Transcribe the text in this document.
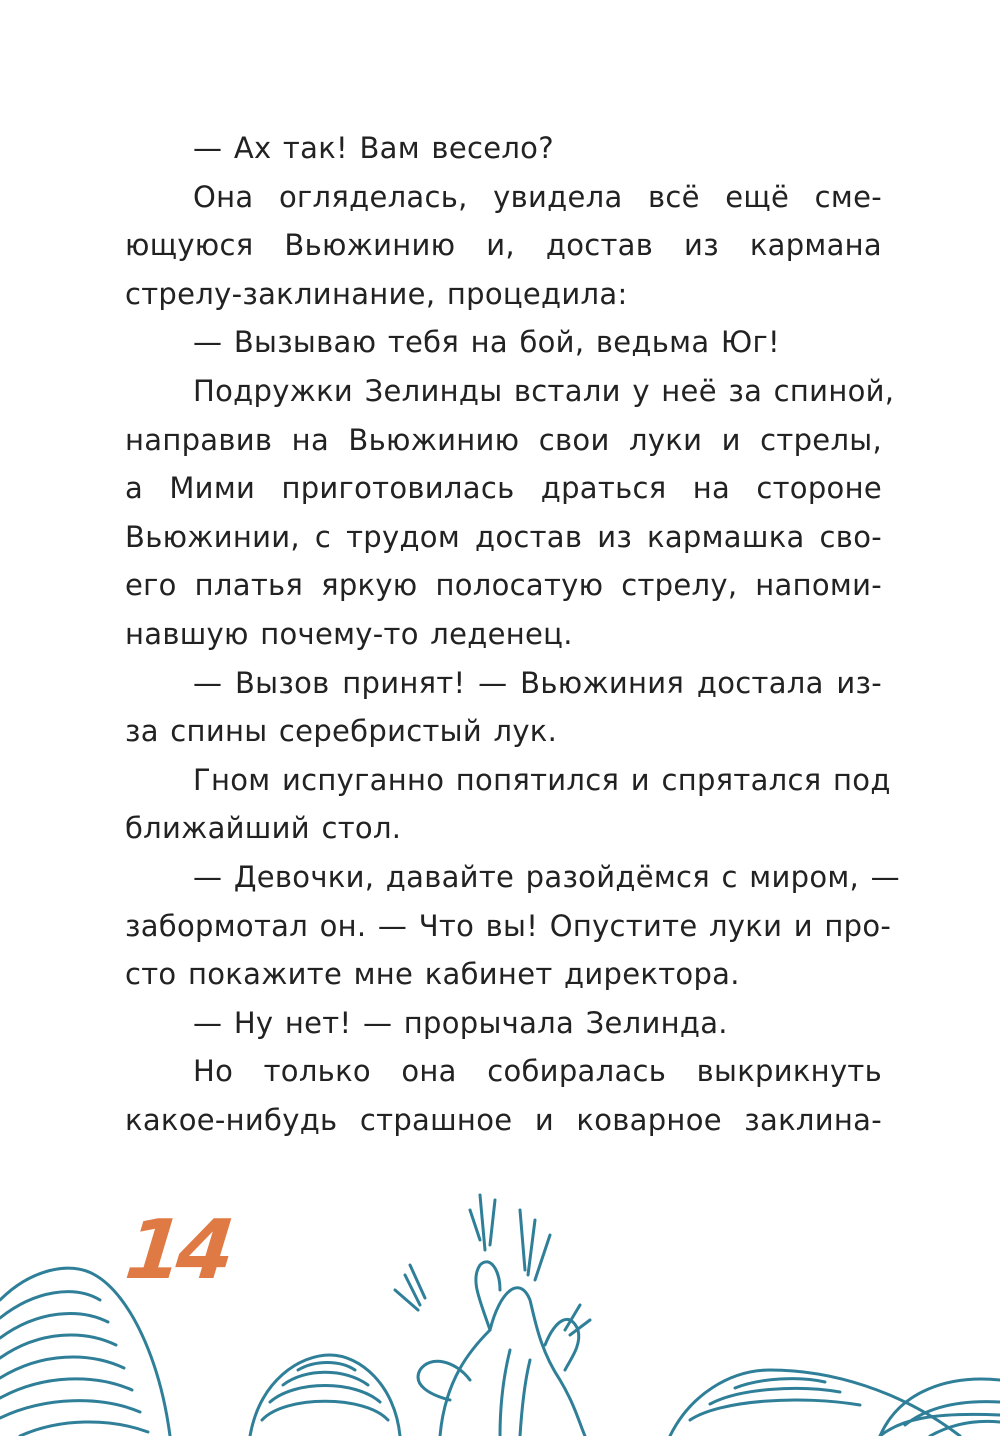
— Ах так! Вам весело?
Она огляделась, увидела всё ещё сме-
ющуюся Вьюжинию и, достав из кармана
стрелу-заклинание, процедила:
— Вызываю тебя на бой, ведьма Юг!
Подружки Зелинды встали у неё за спиной,
направив на Вьюжинию свои луки и стрелы,
а Мими приготовилась драться на стороне
Вьюжинии, с трудом достав из кармашка сво-
его платья яркую полосатую стрелу, напоми-
навшую почему-то леденец.
— Вызов принят! — Вьюжиния достала из-
за спины серебристый лук.
Гном испуганно попятился и спрятался под
ближайший стол.
— Девочки, давайте разойдёмся с миром, —
забормотал он. — Что вы! Опустите луки и про-
сто покажите мне кабинет директора.
— Ну нет! — прорычала Зелинда.
Но только она собиралась выкрикнуть
какое-нибудь страшное и коварное заклина-
14
